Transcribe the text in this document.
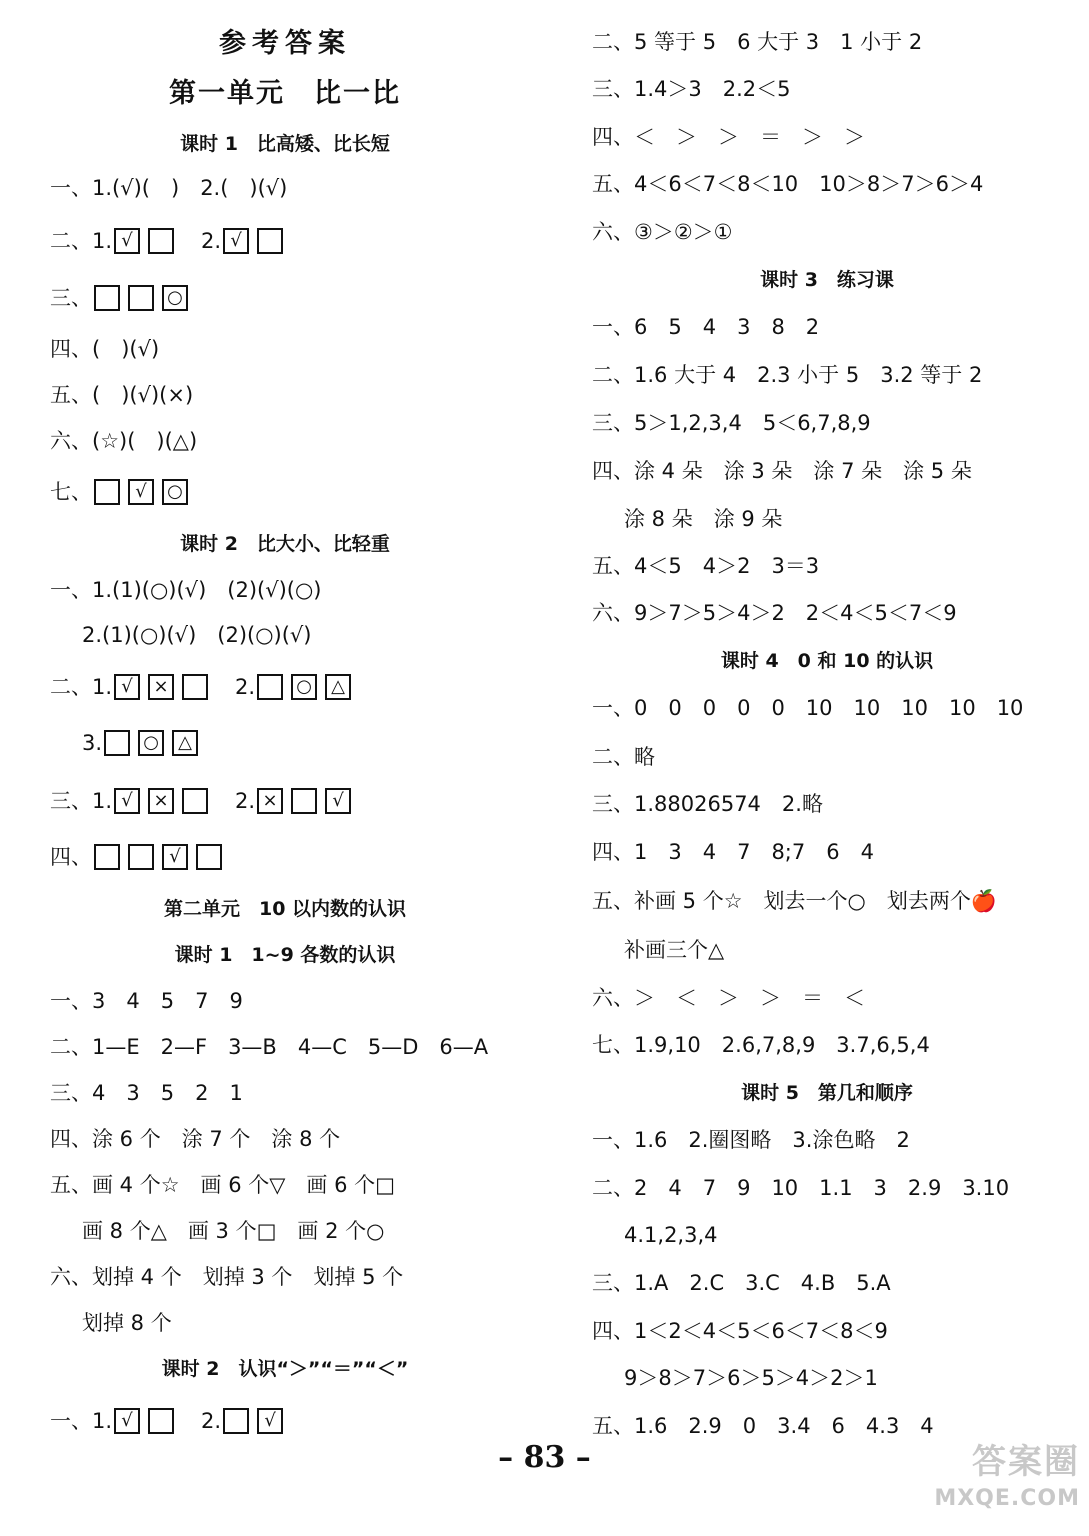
参考答案
第一单元　比一比
课时 1　比高矮、比长短
一、1.(√)(　)　2.(　)(√)
二、1. √　2. √
三、	○
四、(　)(√)
五、(　)(√)(×)
六、(☆)(　)(△)
七、 √ ○
课时 2　比大小、比轻重
一、1.(1)(○)(√)　(2)(√)(○)
2.(1)(○)(√)　(2)(○)(√)
二、1. √ ×　2. ○ △
3. ○ △
三、1. √ ×　2. ×	√
四、	√
第二单元　10 以内数的认识
课时 1　1~9 各数的认识
一、3　4　5　7　9
二、1—E　2—F　3—B　4—C　5—D　6—A
三、4　3　5　2　1
四、涂 6 个　涂 7 个　涂 8 个
五、画 4 个☆　画 6 个▽　画 6 个□
画 8 个△　画 3 个□　画 2 个○
六、划掉 4 个　划掉 3 个　划掉 5 个
划掉 8 个
课时 2　认识“＞”“＝”“＜”
一、1. √　2. √
二、5 等于 5　6 大于 3　1 小于 2
三、1.4＞3　2.2＜5
四、＜　＞　＞　＝　＞　＞
五、4＜6＜7＜8＜10　10＞8＞7＞6＞4
六、③＞②＞①
课时 3　练习课
一、6　5　4　3　8　2
二、1.6 大于 4　2.3 小于 5　3.2 等于 2
三、5＞1,2,3,4　5＜6,7,8,9
四、涂 4 朵　涂 3 朵　涂 7 朵　涂 5 朵
涂 8 朵　涂 9 朵
五、4＜5　4＞2　3＝3
六、9＞7＞5＞4＞2　2＜4＜5＜7＜9
课时 4　0 和 10 的认识
一、0　0　0　0　0　10　10　10　10　10
二、略
三、1.88026574　2.略
四、1　3　4　7　8;7　6　4
五、补画 5 个☆　划去一个○　划去两个🍎
补画三个△
六、＞　＜　＞　＞　＝　＜
七、1.9,10　2.6,7,8,9　3.7,6,5,4
课时 5　第几和顺序
一、1.6　2.圈图略　3.涂色略　2
二、2　4　7　9　10　1.1　3　2.9　3.10
4.1,2,3,4
三、1.A　2.C　3.C　4.B　5.A
四、1＜2＜4＜5＜6＜7＜8＜9
9＞8＞7＞6＞5＞4＞2＞1
五、1.6　2.9　0　3.4　6　4.3　4
– 83 –	答案圈
MXQE.COM
